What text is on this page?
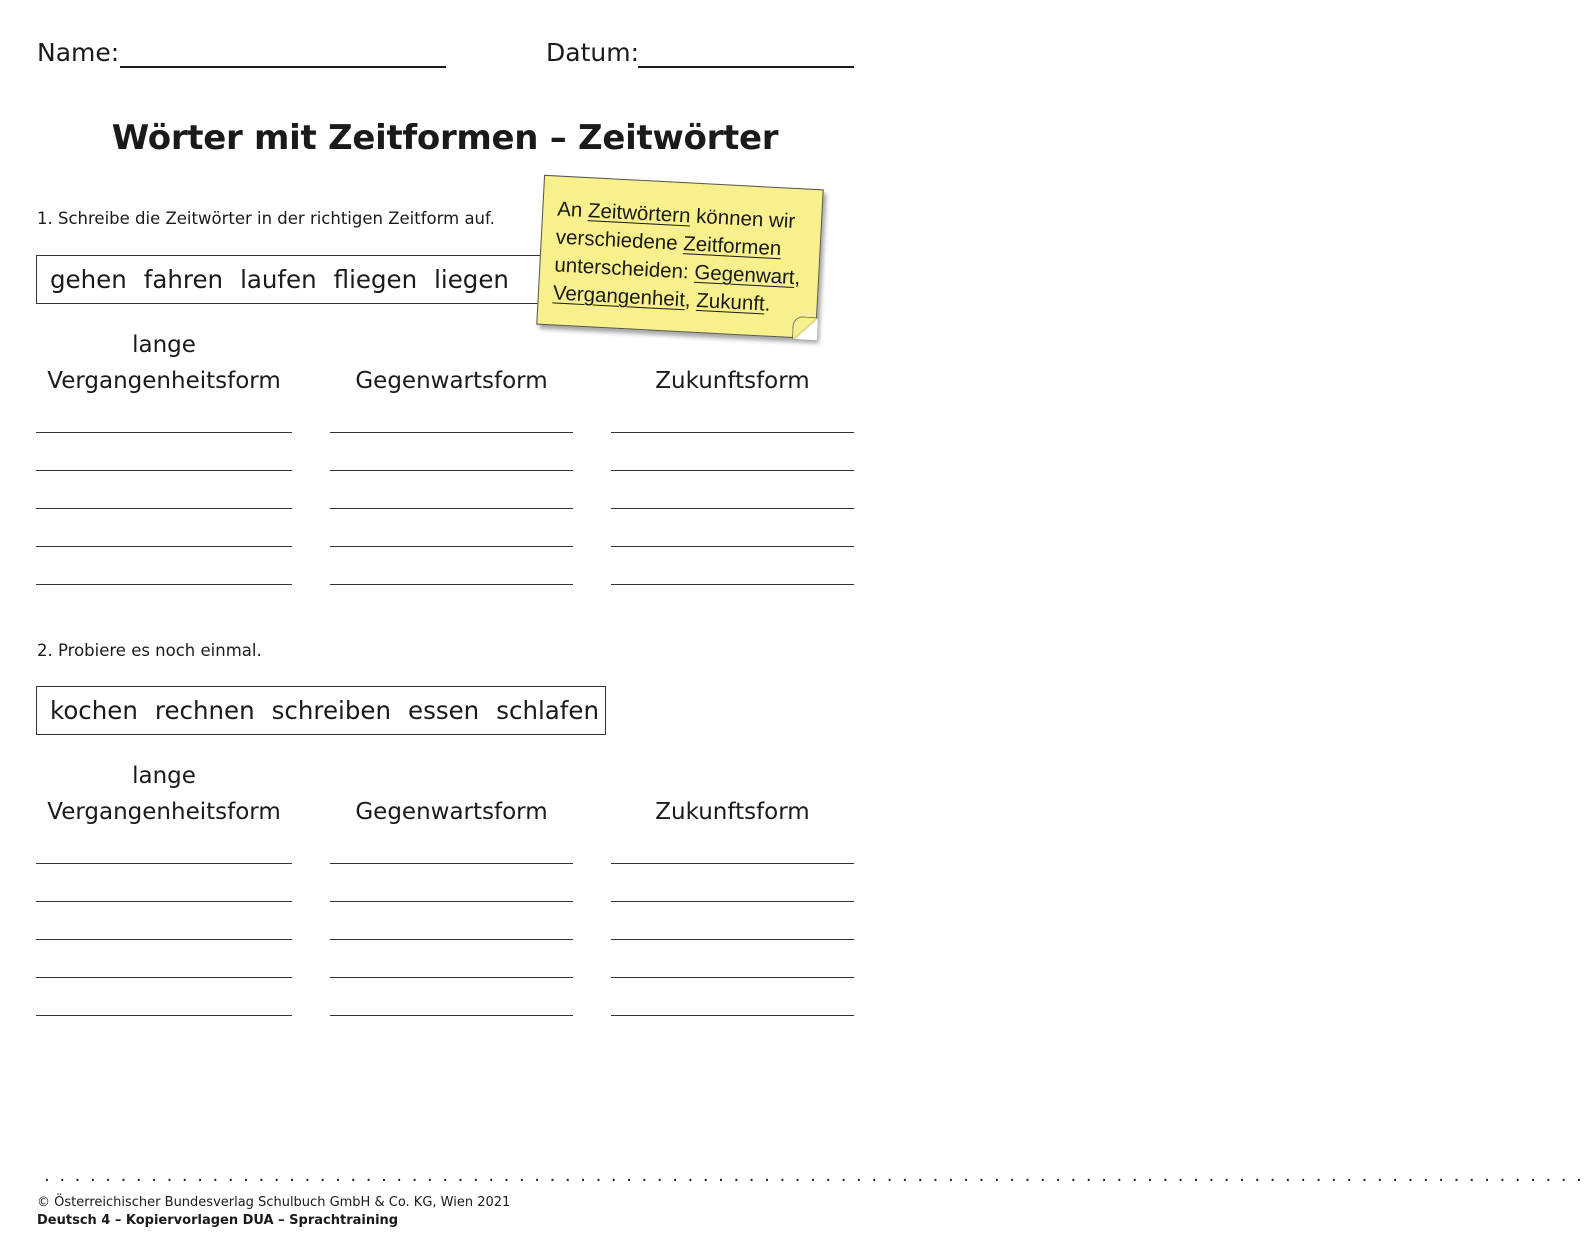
Name:	Datum:
Wörter mit Zeitformen – Zeitwörter
1. Schreibe die Zeitwörter in der richtigen Zeitform auf.
gehen fahren laufen fliegen liegen
An Zeitwörtern können wir verschiedene Zeitformen unterscheiden: Gegenwart, Vergangenheit, Zukunft.
lange
Vergangenheitsform	Gegenwartsform	Zukunftsform
2. Probiere es noch einmal.
kochen rechnen schreiben essen schlafen
lange
Vergangenheitsform	Gegenwartsform	Zukunftsform
.....................................................................................................
© Österreichischer Bundesverlag Schulbuch GmbH & Co. KG, Wien 2021
Deutsch 4 – Kopiervorlagen DUA – Sprachtraining
